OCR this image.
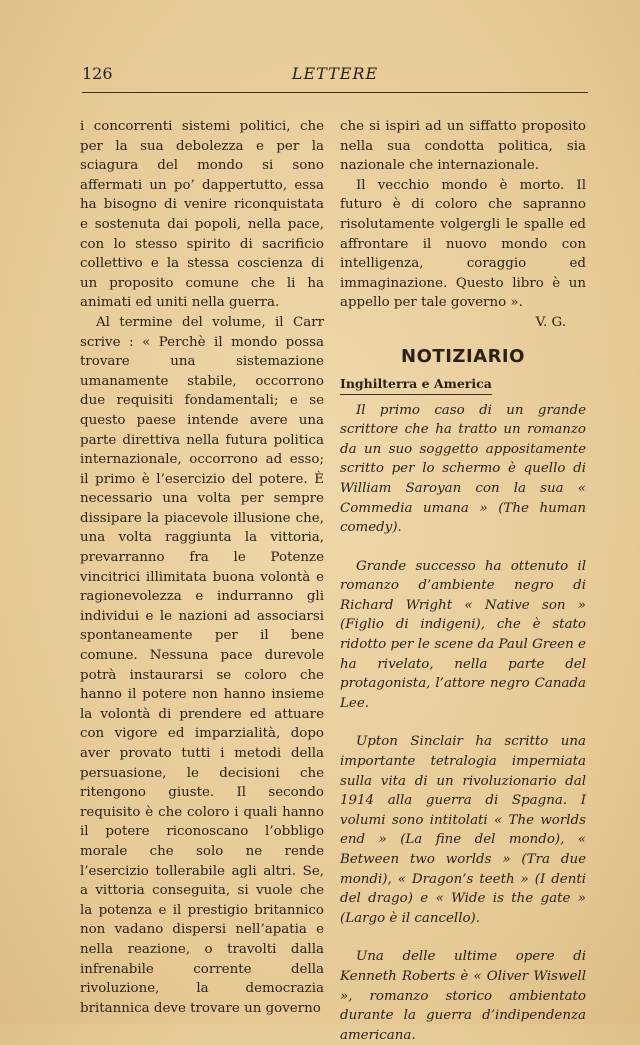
126	LETTERE

i concorrenti sistemi politici, che per la sua debolezza e per la sciagura del mondo si sono affermati un po’ dappertutto, essa ha bisogno di venire riconquistata e sostenuta dai popoli, nella pace, con lo stesso spirito di sacrificio collettivo e la stessa coscienza di un proposito comune che li ha animati ed uniti nella guerra.

Al termine del volume, il Carr scrive : « Perchè il mondo possa trovare una sistemazione umanamente stabile, occorrono due requisiti fondamentali; e se questo paese intende avere una parte direttiva nella futura politica internazionale, occorrono ad esso; il primo è l’esercizio del potere. È necessario una volta per sempre dissipare la piacevole illusione che, una volta raggiunta la vittoria, prevarranno fra le Potenze vincitrici illimitata buona volontà e ragionevolezza e indurranno gli individui e le nazioni ad associarsi spontaneamente per il bene comune. Nessuna pace durevole potrà instaurarsi se coloro che hanno il potere non hanno insieme la volontà di prendere ed attuare con vigore ed imparzialità, dopo aver provato tutti i metodi della persuasione, le decisioni che ritengono giuste. Il secondo requisito è che coloro i quali hanno il potere riconoscano l’obbligo morale che solo ne rende l’esercizio tollerabile agli altri. Se, a vittoria conseguita, si vuole che la potenza e il prestigio britannico non vadano dispersi nell’apatia e nella reazione, o travolti dalla infrenabile corrente della rivoluzione, la democrazia britannica deve trovare un governo

che si ispiri ad un siffatto proposito nella sua condotta politica, sia nazionale che internazionale.

Il vecchio mondo è morto. Il futuro è di coloro che sapranno risolutamente volgergli le spalle ed affrontare il nuovo mondo con intelligenza, coraggio ed immaginazione. Questo libro è un appello per tale governo ».

V. G.

NOTIZIARIO
Inghilterra e America

Il primo caso di un grande scrittore che ha tratto un romanzo da un suo soggetto appositamente scritto per lo schermo è quello di William Saroyan con la sua « Commedia umana » (The human comedy).

Grande successo ha ottenuto il romanzo d’ambiente negro di Richard Wright « Native son » (Figlio di indigeni), che è stato ridotto per le scene da Paul Green e ha rivelato, nella parte del protagonista, l’attore negro Canada Lee.

Upton Sinclair ha scritto una importante tetralogia imperniata sulla vita di un rivoluzionario dal 1914 alla guerra di Spagna. I volumi sono intitolati « The worlds end » (La fine del mondo), « Between two worlds » (Tra due mondi), « Dragon’s teeth » (I denti del drago) e « Wide is the gate » (Largo è il cancello).

Una delle ultime opere di Kenneth Roberts è « Oliver Wiswell », romanzo storico ambientato durante la guerra d’indipendenza americana.
